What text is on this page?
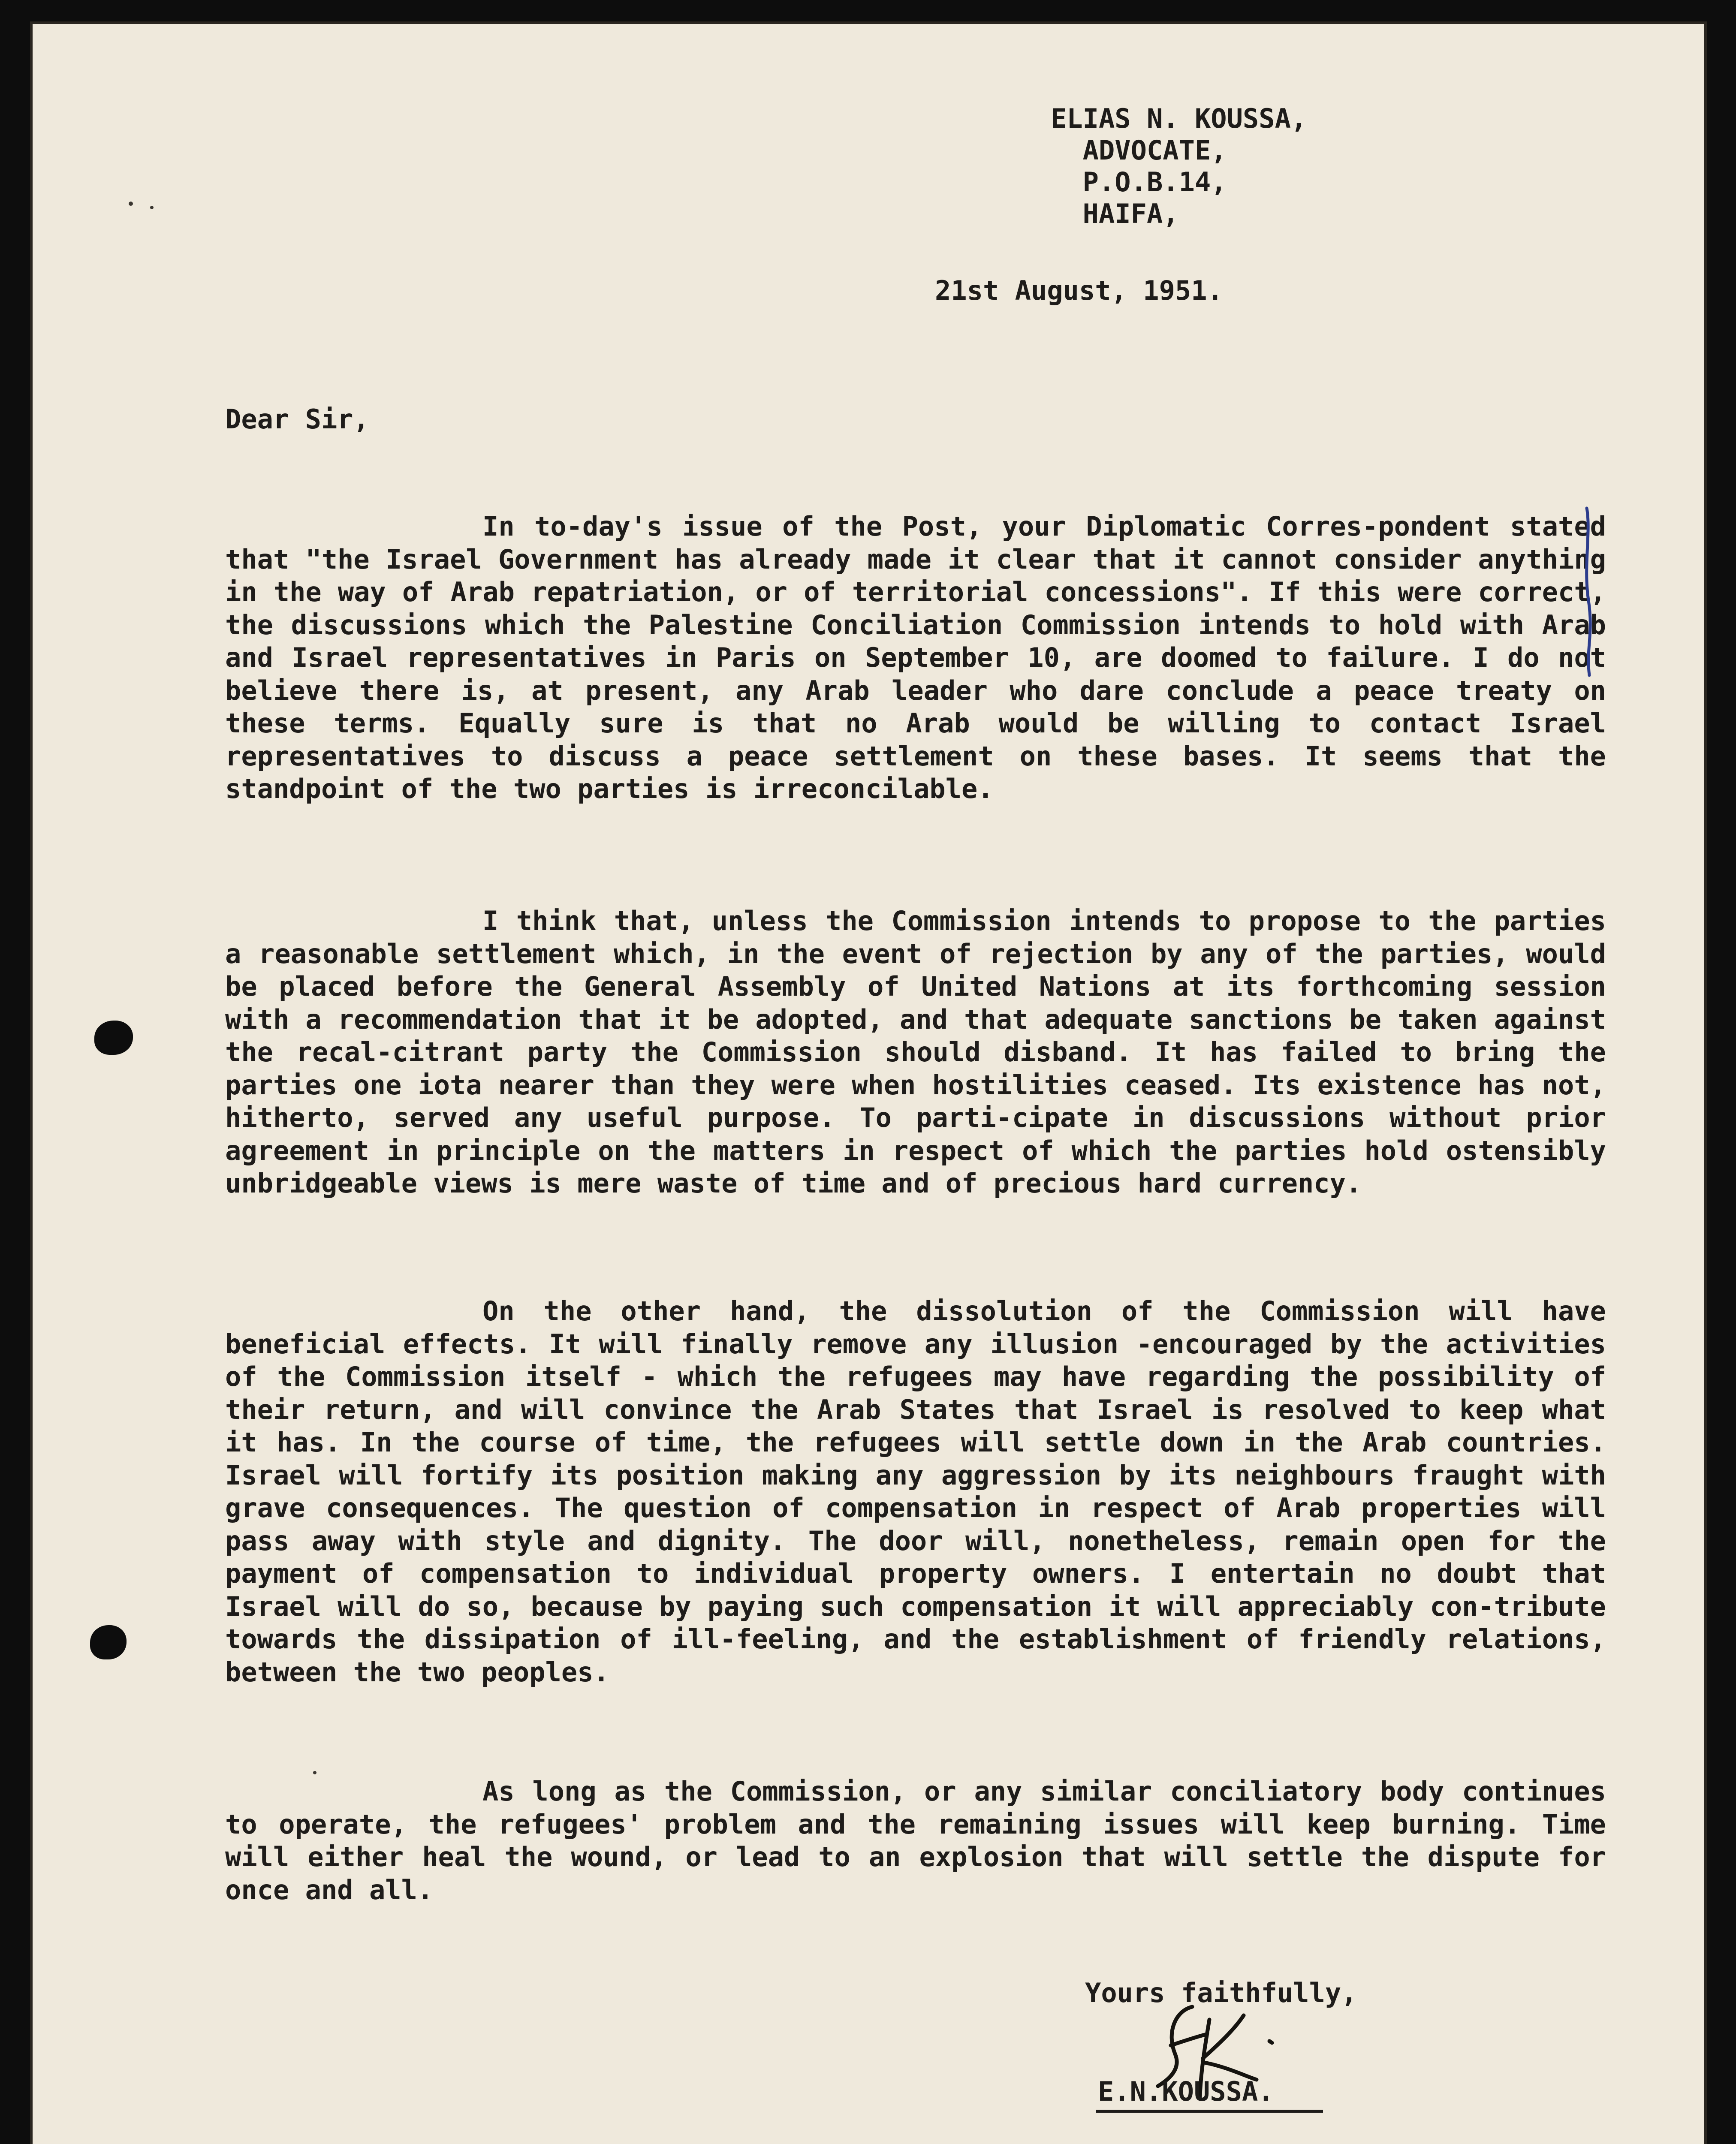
ELIAS N. KOUSSA,
ADVOCATE,
P.O.B.14,
HAIFA,
21st August, 1951.
Dear Sir,
In to-day's issue of the Post, your Diplomatic Corres-pondent stated that "the Israel Government has already made it clear that it cannot consider anything in the way of Arab repatriation, or of territorial concessions". If this were correct, the discussions which the Palestine Conciliation Commission intends to hold with Arab and Israel representatives in Paris on September 10, are doomed to failure. I do not believe there is, at present, any Arab leader who dare conclude a peace treaty on these terms. Equally sure is that no Arab would be willing to contact Israel representatives to discuss a peace settlement on these bases. It seems that the standpoint of the two parties is irreconcilable.
I think that, unless the Commission intends to propose to the parties a reasonable settlement which, in the event of rejection by any of the parties, would be placed before the General Assembly of United Nations at its forthcoming session with a recommendation that it be adopted, and that adequate sanctions be taken against the recal-citrant party the Commission should disband. It has failed to bring the parties one iota nearer than they were when hostilities ceased. Its existence has not, hitherto, served any useful purpose. To parti-cipate in discussions without prior agreement in principle on the matters in respect of which the parties hold ostensibly unbridgeable views is mere waste of time and of precious hard currency.
On the other hand, the dissolution of the Commission will have beneficial effects. It will finally remove any illusion -encouraged by the activities of the Commission itself - which the refugees may have regarding the possibility of their return, and will convince the Arab States that Israel is resolved to keep what it has. In the course of time, the refugees will settle down in the Arab countries. Israel will fortify its position making any aggression by its neighbours fraught with grave consequences. The question of compensation in respect of Arab properties will pass away with style and dignity. The door will, nonetheless, remain open for the payment of compensation to individual property owners. I entertain no doubt that Israel will do so, because by paying such compensation it will appreciably con-tribute towards the dissipation of ill-feeling, and the establishment of friendly relations, between the two peoples.
As long as the Commission, or any similar conciliatory body continues to operate, the refugees' problem and the remaining issues will keep burning. Time will either heal the wound, or lead to an explosion that will settle the dispute for once and all.
Yours faithfully,
E.N.KOUSSA.
